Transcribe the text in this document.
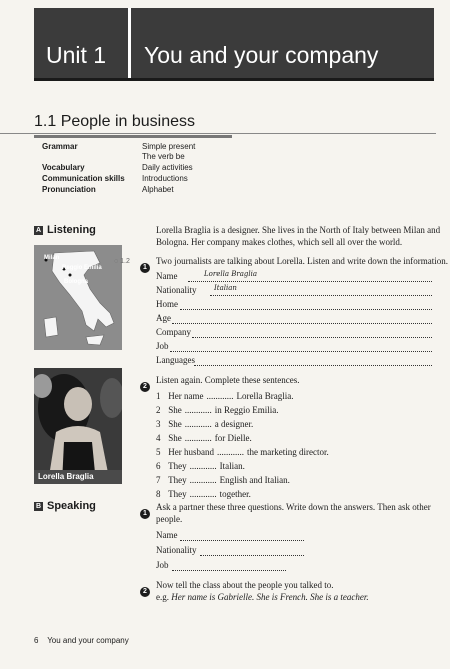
Unit 1 You and your company
1.1 People in business
Grammar	Simple present
The verb be
Vocabulary	Daily activities
Communication skills Introductions
Pronunciation	Alphabet
A Listening	Lorella Braglia is a designer. She lives in the North of Italy between Milan and
Bologna. Her company makes clothes, which sell all over the world.
Milan
Reggio Emilia
Bologna
◌ 1.2
1
Two journalists are talking about Lorella. Listen and write down the information.
Name	Lorella Braglia
Nationality	Italian
Home
Age
Company
Job
Languages
Lorella Braglia
2
Listen again. Complete these sentences.
1 Her name ............ Lorella Braglia.
2 She ............ in Reggio Emilia.
3 She ............ a designer.
4 She ............ for Dielle.
5 Her husband ............ the marketing director.
6 They ............ Italian.
7 They ............ English and Italian.
8 They ............ together.
B Speaking
1
Ask a partner these three questions. Write down the answers. Then ask other
people.
Name
Nationality
Job
2
Now tell the class about the people you talked to.
e.g. Her name is Gabrielle. She is French. She is a teacher.
6 You and your company
